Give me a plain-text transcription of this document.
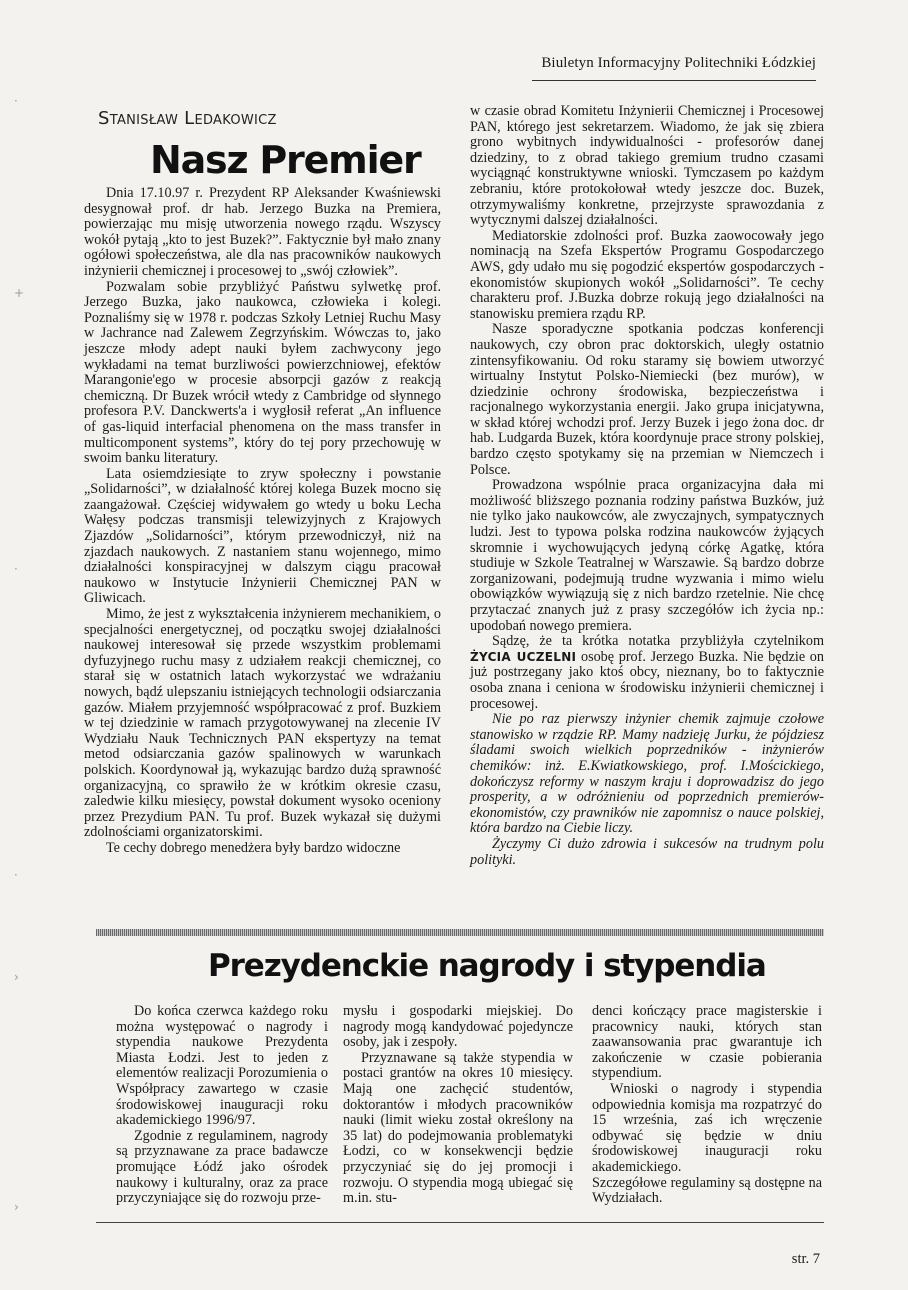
Biuletyn Informacyjny Politechniki Łódzkiej
·
+
·
·
›
›
Stanisław Ledakowicz
Nasz Premier

Dnia 17.10.97 r. Prezydent RP Aleksander Kwaśniewski desygnował prof. dr hab. Jerzego Buzka na Premiera, powierzając mu misję utworzenia nowego rządu. Wszyscy wokół pytają „kto to jest Buzek?”. Faktycznie był mało znany ogółowi społeczeństwa, ale dla nas pracowników naukowych inżynierii chemicznej i procesowej to „swój człowiek”.

Pozwalam sobie przybliżyć Państwu sylwetkę prof. Jerzego Buzka, jako naukowca, człowieka i kolegi. Poznaliśmy się w 1978 r. podczas Szkoły Letniej Ruchu Masy w Jachrance nad Zalewem Zegrzyńskim. Wówczas to, jako jeszcze młody adept nauki byłem zachwycony jego wykładami na temat burzliwości powierzchniowej, efektów Marangonie'ego w procesie absorpcji gazów z reakcją chemiczną. Dr Buzek wrócił wtedy z Cambridge od słynnego profesora P.V. Danckwerts'a i wygłosił referat „An influence of gas-liquid interfacial phenomena on the mass transfer in multicomponent systems”, który do tej pory przechowuję w swoim banku literatury.

Lata osiemdziesiąte to zryw społeczny i powstanie „Solidarności”, w działalność której kolega Buzek mocno się zaangażował. Częściej widywałem go wtedy u boku Lecha Wałęsy podczas transmisji telewizyjnych z Krajowych Zjazdów „Solidarności”, którym przewodniczył, niż na zjazdach naukowych. Z nastaniem stanu wojennego, mimo działalności konspiracyjnej w dalszym ciągu pracował naukowo w Instytucie Inżynierii Chemicznej PAN w Gliwicach.

Mimo, że jest z wykształcenia inżynierem mechanikiem, o specjalności energetycznej, od początku swojej działalności naukowej interesował się przede wszystkim problemami dyfuzyjnego ruchu masy z udziałem reakcji chemicznej, co starał się w ostatnich latach wykorzystać we wdrażaniu nowych, bądź ulepszaniu istniejących technologii odsiarczania gazów. Miałem przyjemność współpracować z prof. Buzkiem w tej dziedzinie w ramach przygotowywanej na zlecenie IV Wydziału Nauk Technicznych PAN ekspertyzy na temat metod odsiarczania gazów spalinowych w warunkach polskich. Koordynował ją, wykazując bardzo dużą sprawność organizacyjną, co sprawiło że w krótkim okresie czasu, zaledwie kilku miesięcy, powstał dokument wysoko oceniony przez Prezydium PAN. Tu prof. Buzek wykazał się dużymi zdolnościami organizatorskimi.

Te cechy dobrego menedżera były bardzo widoczne

w czasie obrad Komitetu Inżynierii Chemicznej i Procesowej PAN, którego jest sekretarzem. Wiadomo, że jak się zbiera grono wybitnych indywidualności - profesorów danej dziedziny, to z obrad takiego gremium trudno czasami wyciągnąć konstruktywne wnioski. Tymczasem po każdym zebraniu, które protokołował wtedy jeszcze doc. Buzek, otrzymywaliśmy konkretne, przejrzyste sprawozdania z wytycznymi dalszej działalności.

Mediatorskie zdolności prof. Buzka zaowocowały jego nominacją na Szefa Ekspertów Programu Gospodarczego AWS, gdy udało mu się pogodzić ekspertów gospodarczych - ekonomistów skupionych wokół „Solidarności”. Te cechy charakteru prof. J.Buzka dobrze rokują jego działalności na stanowisku premiera rządu RP.

Nasze sporadyczne spotkania podczas konferencji naukowych, czy obron prac doktorskich, uległy ostatnio zintensyfikowaniu. Od roku staramy się bowiem utworzyć wirtualny Instytut Polsko-Niemiecki (bez murów), w dziedzinie ochrony środowiska, bezpieczeństwa i racjonalnego wykorzystania energii. Jako grupa inicjatywna, w skład której wchodzi prof. Jerzy Buzek i jego żona doc. dr hab. Ludgarda Buzek, która koordynuje prace strony polskiej, bardzo często spotykamy się na przemian w Niemczech i Polsce.

Prowadzona wspólnie praca organizacyjna dała mi możliwość bliższego poznania rodziny państwa Buzków, już nie tylko jako naukowców, ale zwyczajnych, sympatycznych ludzi. Jest to typowa polska rodzina naukowców żyjących skromnie i wychowujących jedyną córkę Agatkę, która studiuje w Szkole Teatralnej w Warszawie. Są bardzo dobrze zorganizowani, podejmują trudne wyzwania i mimo wielu obowiązków wywiązują się z nich bardzo rzetelnie. Nie chcę przytaczać znanych już z prasy szczegółów ich życia np.: upodobań nowego premiera.

Sądzę, że ta krótka notatka przybliżyła czytelnikom ŻYCIA UCZELNI osobę prof. Jerzego Buzka. Nie będzie on już postrzegany jako ktoś obcy, nieznany, bo to faktycznie osoba znana i ceniona w środowisku inżynierii chemicznej i procesowej.

Nie po raz pierwszy inżynier chemik zajmuje czołowe stanowisko w rządzie RP. Mamy nadzieję Jurku, że pójdziesz śladami swoich wielkich poprzedników - inżynierów chemików: inż. E.Kwiatkowskiego, prof. I.Mościckiego, dokończysz reformy w naszym kraju i doprowadzisz do jego prosperity, a w odróżnieniu od poprzednich premierów-ekonomistów, czy prawników nie zapomnisz o nauce polskiej, która bardzo na Ciebie liczy.

Życzymy Ci dużo zdrowia i sukcesów na trudnym polu polityki.

Prezydenckie nagrody i stypendia

Do końca czerwca każdego roku można występować o nagrody i stypendia naukowe Prezydenta Miasta Łodzi. Jest to jeden z elementów realizacji Porozumienia o Współpracy zawartego w czasie środowiskowej inauguracji roku akademickiego 1996/97.

Zgodnie z regulaminem, nagrody są przyznawane za prace badawcze promujące Łódź jako ośrodek naukowy i kulturalny, oraz za prace przyczyniające się do rozwoju prze-

mysłu i gospodarki miejskiej. Do nagrody mogą kandydować pojedyncze osoby, jak i zespoły.

Przyznawane są także stypendia w postaci grantów na okres 10 miesięcy. Mają one zachęcić studentów, doktorantów i młodych pracowników nauki (limit wieku został określony na 35 lat) do podejmowania problematyki Łodzi, co w konsekwencji będzie przyczyniać się do jej promocji i rozwoju. O stypendia mogą ubiegać się m.in. stu-

denci kończący prace magisterskie i pracownicy nauki, których stan zaawansowania prac gwarantuje ich zakończenie w czasie pobierania stypendium.

Wnioski o nagrody i stypendia odpowiednia komisja ma rozpatrzyć do 15 września, zaś ich wręczenie odbywać się będzie w dniu środowiskowej inauguracji roku akademickiego.

Szczegółowe regulaminy są dostępne na Wydziałach.

str. 7
